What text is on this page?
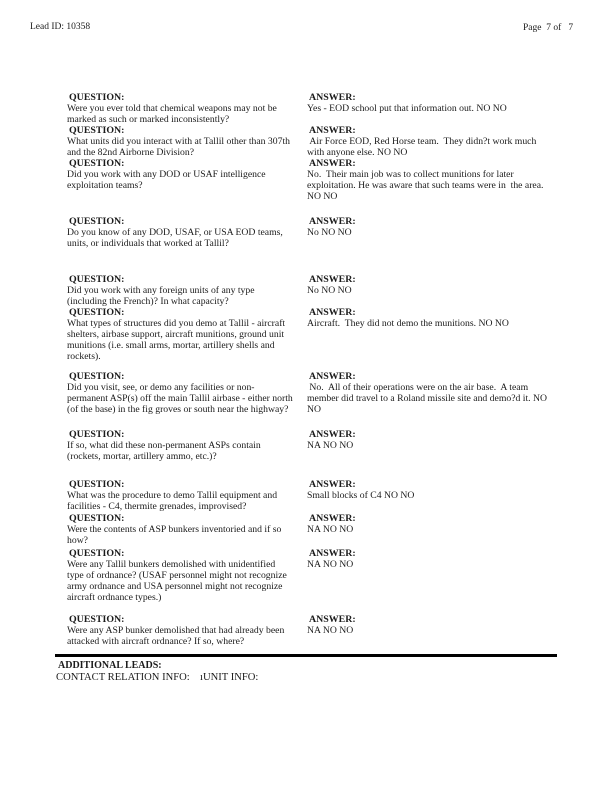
Lead ID: 10358	Page  7 of   7
QUESTION:
Were you ever told that chemical weapons may not be marked as such or marked inconsistently?
ANSWER:
Yes - EOD school put that information out. NO NO
QUESTION:
What units did you interact with at Tallil other than 307th and the 82nd Airborne Division?
ANSWER:
Air Force EOD, Red Horse team.  They didn?t work much with anyone else. NO NO
QUESTION:
Did you work with any DOD or USAF intelligence exploitation teams?
ANSWER:
No.  Their main job was to collect munitions for later exploitation. He was aware that such teams were in  the area. NO NO
QUESTION:
Do you know of any DOD, USAF, or USA EOD teams, units, or individuals that worked at Tallil?
ANSWER:
No NO NO
QUESTION:
Did you work with any foreign units of any type (including the French)? In what capacity?
ANSWER:
No NO NO
QUESTION:
What types of structures did you demo at Tallil - aircraft shelters, airbase support, aircraft munitions, ground unit munitions (i.e. small arms, mortar, artillery shells and rockets).
ANSWER:
Aircraft.  They did not demo the munitions. NO NO
QUESTION:
Did you visit, see, or demo any facilities or non-permanent ASP(s) off the main Tallil airbase - either north (of the base) in the fig groves or south near the highway?
ANSWER:
No.  All of their operations were on the air base.  A team member did travel to a Roland missile site and demo?d it. NO NO
QUESTION:
If so, what did these non-permanent ASPs contain (rockets, mortar, artillery ammo, etc.)?
ANSWER:
NA NO NO
QUESTION:
What was the procedure to demo Tallil equipment and facilities - C4, thermite grenades, improvised?
ANSWER:
Small blocks of C4 NO NO
QUESTION:
Were the contents of ASP bunkers inventoried and if so how?
ANSWER:
NA NO NO
QUESTION:
Were any Tallil bunkers demolished with unidentified type of ordnance? (USAF personnel might not recognize army ordnance and USA personnel might not recognize aircraft ordnance types.)
ANSWER:
NA NO NO
QUESTION:
Were any ASP bunker demolished that had already been attacked with aircraft ordnance? If so, where?
ANSWER:
NA NO NO
ADDITIONAL LEADS:
CONTACT RELATION INFO: ıUNIT INFO:
